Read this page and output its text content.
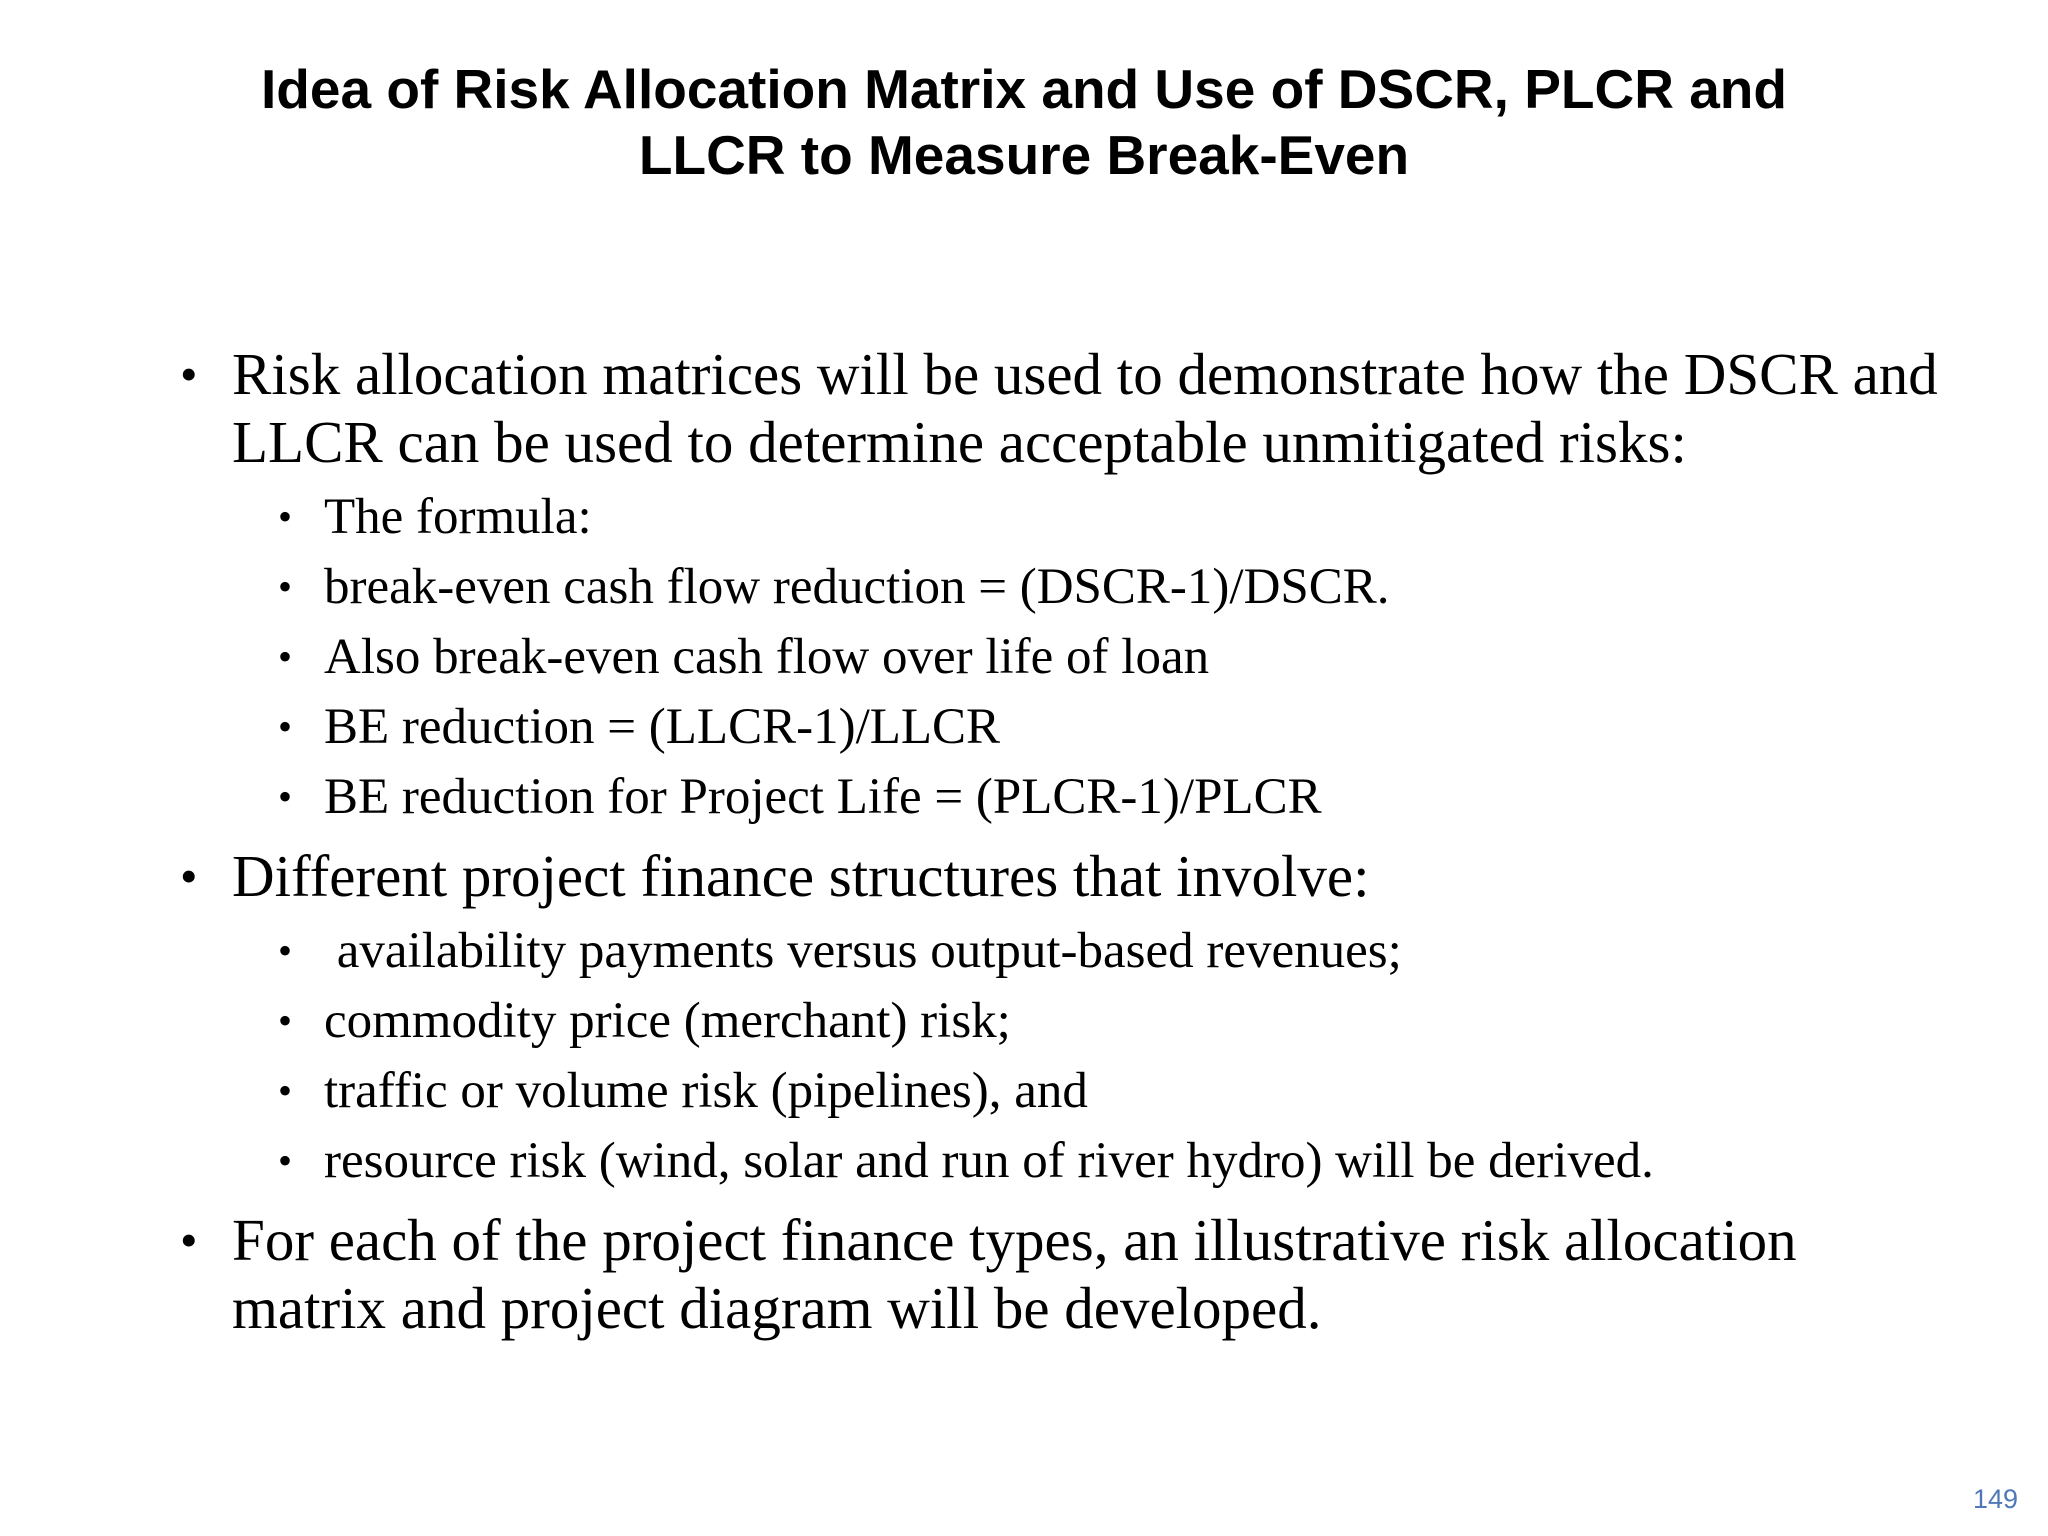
Idea of Risk Allocation Matrix and Use of DSCR, PLCR and
LLCR to Measure Break-Even

• Risk allocation matrices will be used to demonstrate how the DSCR and LLCR can be used to determine acceptable unmitigated risks:

• The formula:

• break-even cash flow reduction = (DSCR-1)/DSCR.

• Also break-even cash flow over life of loan

• BE reduction = (LLCR-1)/LLCR

• BE reduction for Project Life = (PLCR-1)/PLCR

• Different project finance structures that involve:

• availability payments versus output-based revenues;

• commodity price (merchant) risk;

• traffic or volume risk (pipelines), and

• resource risk (wind, solar and run of river hydro) will be derived.

• For each of the project finance types, an illustrative risk allocation matrix and project diagram will be developed.

149
